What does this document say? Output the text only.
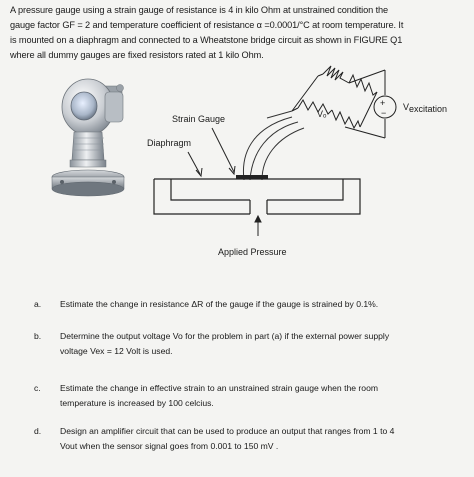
A pressure gauge using a strain gauge of resistance is 4 in kilo Ohm at unstrained condition the
gauge factor GF = 2 and temperature coefficient of resistance α =0.0001/°C at room temperature. It
is mounted on a diaphragm and connected to a Wheatstone bridge circuit as shown in FIGURE Q1
where all dummy gauges are fixed resistors rated at 1 kilo Ohm.
+
−
Vₒ
V excitation
Strain Gauge
Diaphragm
Applied Pressure
a. Estimate the change in resistance ΔR of the gauge if the gauge is strained by 0.1%.
b. Determine the output voltage Vo for the problem in part (a) if the external power supply
voltage Vex = 12 Volt is used.
c. Estimate the change in effective strain to an unstrained strain gauge when the room
temperature is increased by 100 celcius.
d. Design an amplifier circuit that can be used to produce an output that ranges from 1 to 4
Vout when the sensor signal goes from 0.001 to 150 mV .
